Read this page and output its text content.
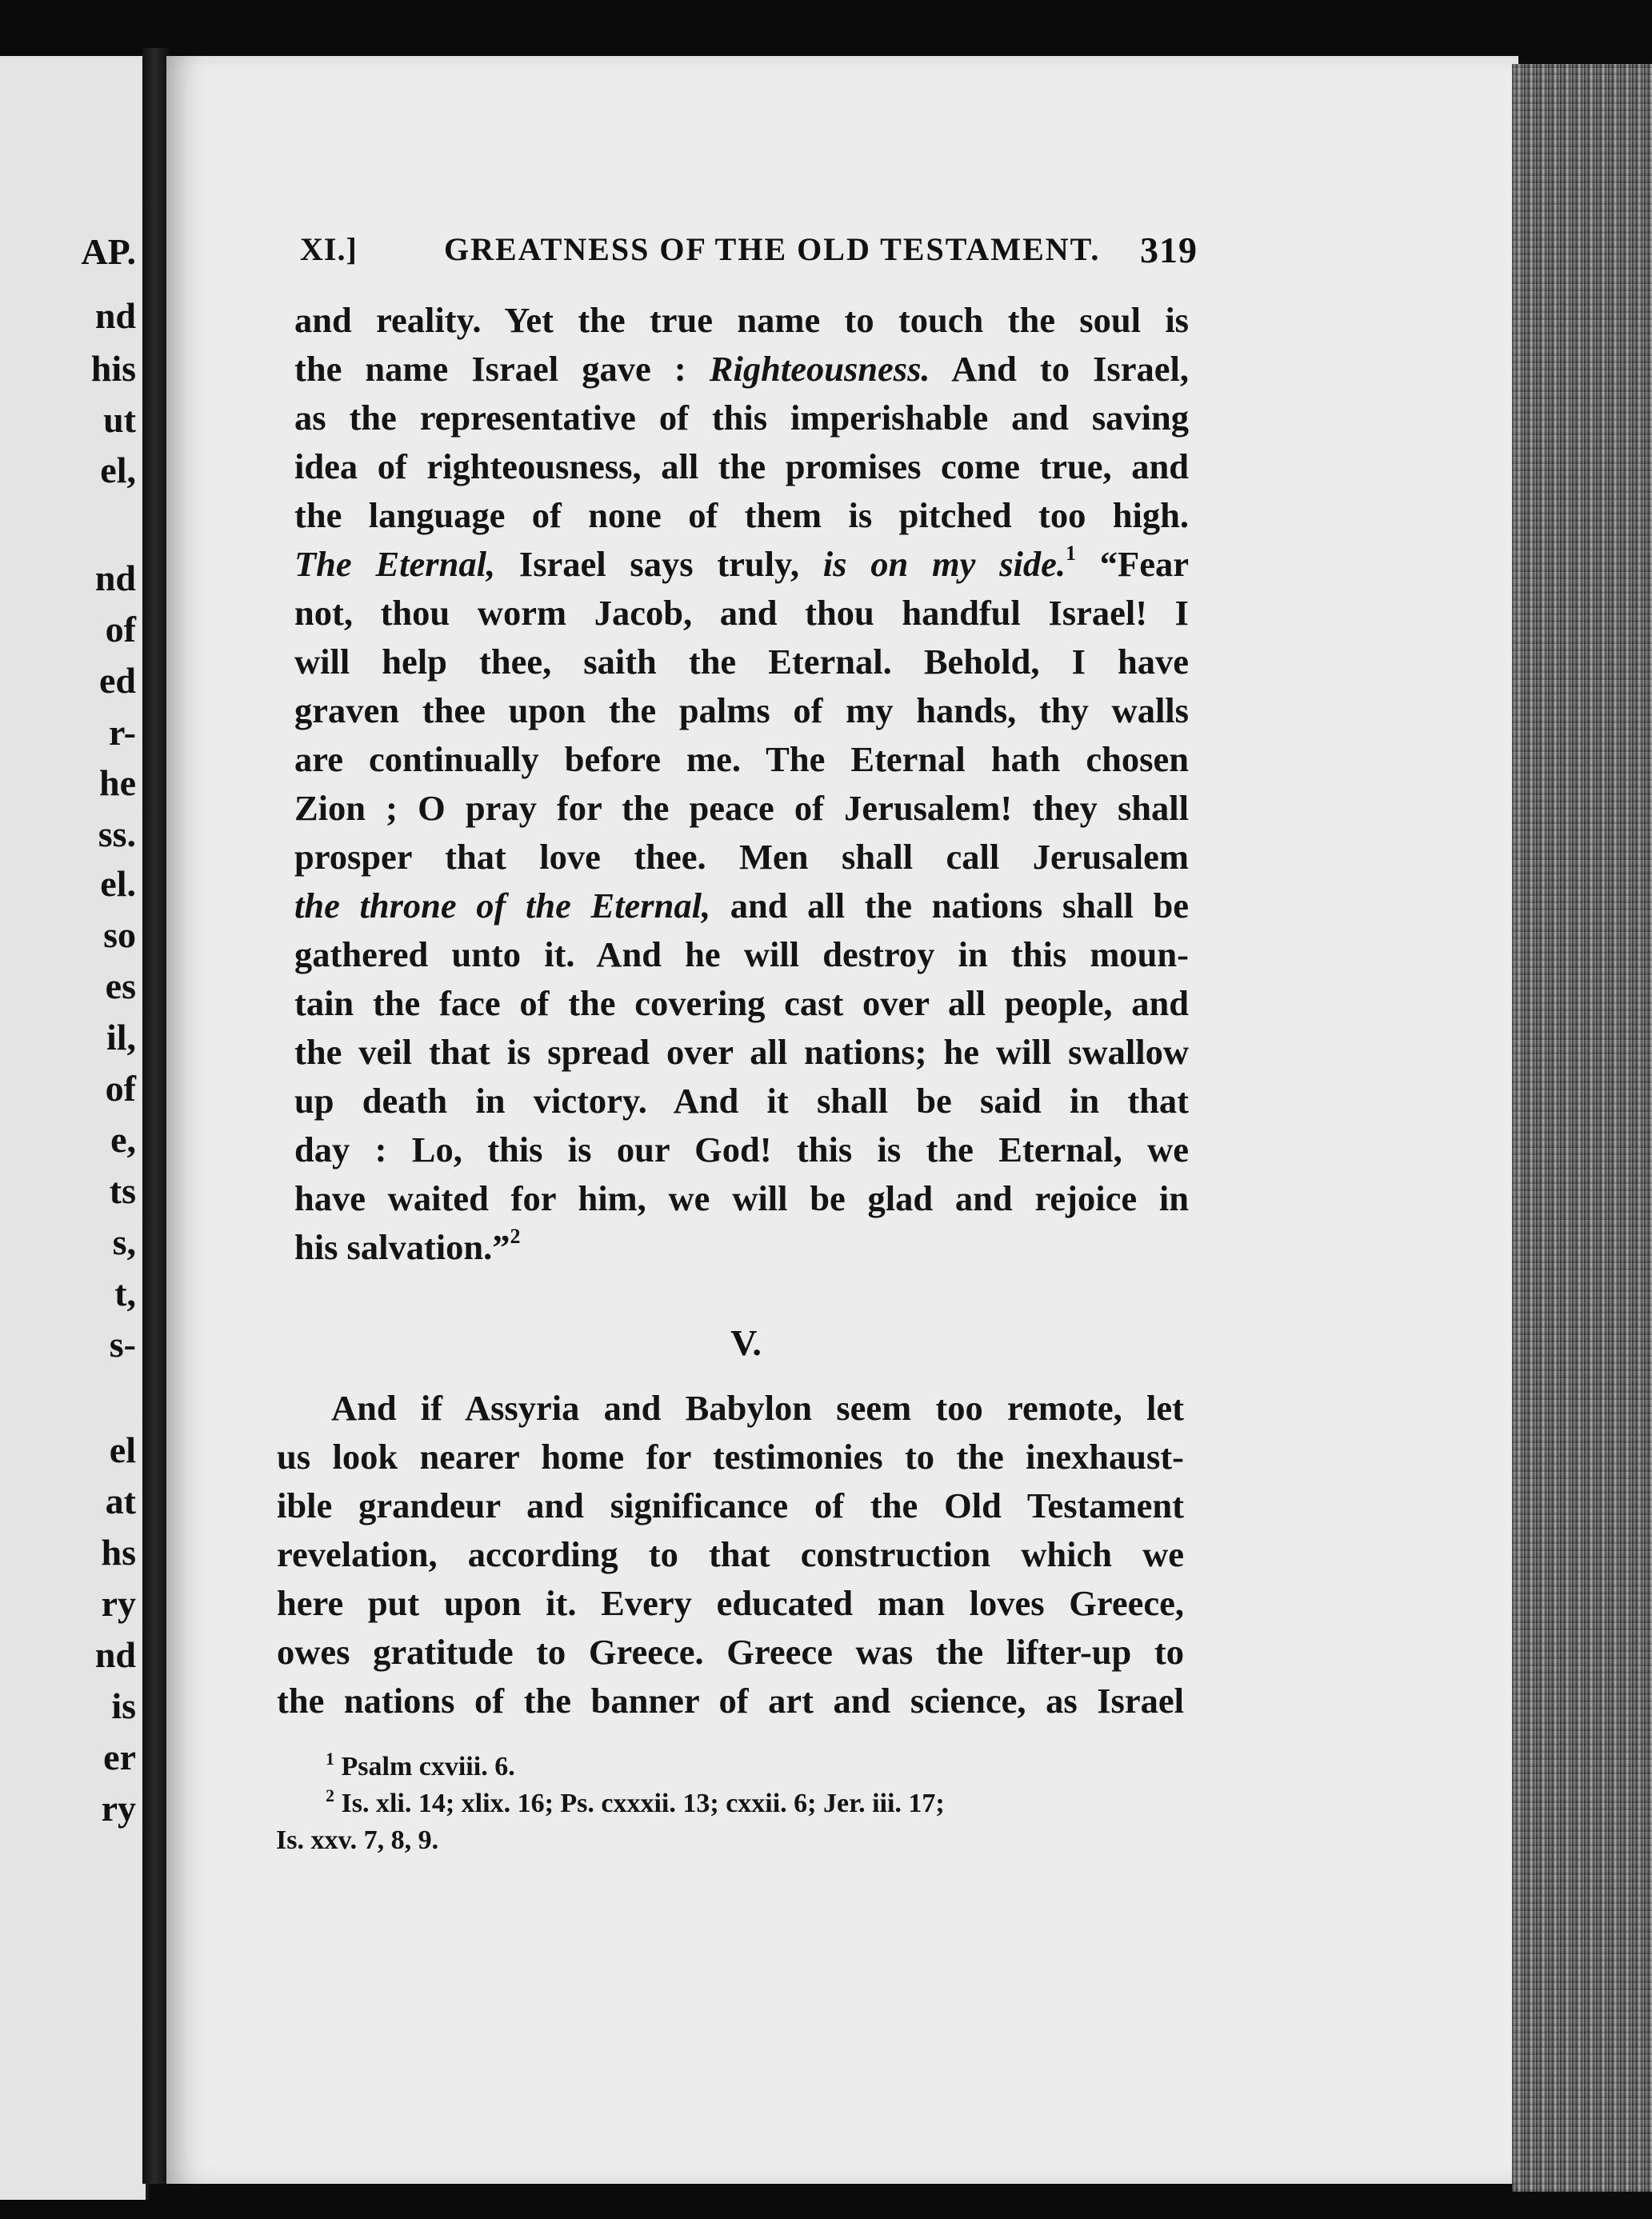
AP.
nd
his
ut
el,
nd
of
ed
r-
he
ss.
el.
so
es
il,
of
e,
ts
s,
t,
s-
el
at
hs
ry
nd
is
er
ry
XI.]	GREATNESS OF THE OLD TESTAMENT. 319
and reality. Yet the true name to touch the soul is
the name Israel gave : Righteousness. And to Israel,
as the representative of this imperishable and saving
idea of righteousness, all the promises come true, and
the language of none of them is pitched too high.
The Eternal, Israel says truly, is on my side.$^1$ “Fear
not, thou worm Jacob, and thou handful Israel! I
will help thee, saith the Eternal. Behold, I have
graven thee upon the palms of my hands, thy walls
are continually before me. The Eternal hath chosen
Zion ; O pray for the peace of Jerusalem! they shall
prosper that love thee. Men shall call Jerusalem
the throne of the Eternal, and all the nations shall be
gathered unto it. And he will destroy in this moun-
tain the face of the covering cast over all people, and
the veil that is spread over all nations; he will swallow
up death in victory. And it shall be said in that
day : Lo, this is our God! this is the Eternal, we
have waited for him, we will be glad and rejoice in
his salvation.”$^2$
V.
And if Assyria and Babylon seem too remote, let
us look nearer home for testimonies to the inexhaust-
ible grandeur and significance of the Old Testament
revelation, according to that construction which we
here put upon it. Every educated man loves Greece,
owes gratitude to Greece. Greece was the lifter-up to
the nations of the banner of art and science, as Israel
$^1$ Psalm cxviii. 6.
$^2$ Is. xli. 14; xlix. 16; Ps. cxxxii. 13; cxxii. 6; Jer. iii. 17;
Is. xxv. 7, 8, 9.
